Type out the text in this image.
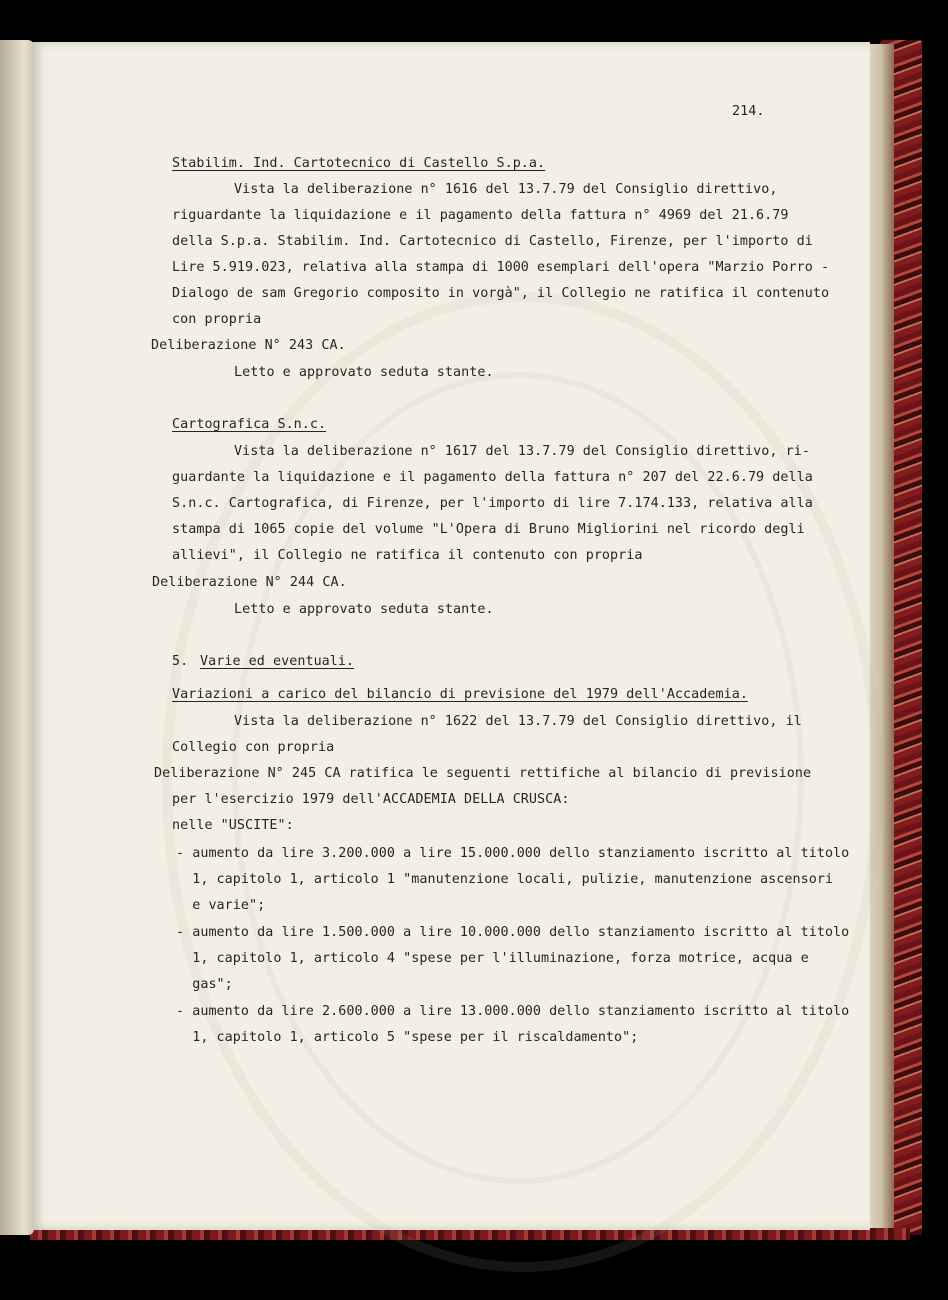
214.
Stabilim. Ind. Cartotecnico di Castello S.p.a.
Vista la deliberazione n° 1616 del 13.7.79 del Consiglio direttivo,
riguardante la liquidazione e il pagamento della fattura n° 4969 del 21.6.79
della S.p.a. Stabilim. Ind. Cartotecnico di Castello, Firenze, per l'importo di
Lire 5.919.023, relativa alla stampa di 1000 esemplari dell'opera "Marzio Porro -
Dialogo de sam Gregorio composito in vorgà", il Collegio ne ratifica il contenuto
con propria
Deliberazione N° 243 CA.
Letto e approvato seduta stante.
Cartografica S.n.c.
Vista la deliberazione n° 1617 del 13.7.79 del Consiglio direttivo, ri-
guardante la liquidazione e il pagamento della fattura n° 207 del 22.6.79 della
S.n.c. Cartografica, di Firenze, per l'importo di lire 7.174.133, relativa alla
stampa di 1065 copie del volume "L'Opera di Bruno Migliorini nel ricordo degli
allievi", il Collegio ne ratifica il contenuto con propria
Deliberazione N° 244 CA.
Letto e approvato seduta stante.
5. Varie ed eventuali.
Variazioni a carico del bilancio di previsione del 1979 dell'Accademia.
Vista la deliberazione n° 1622 del 13.7.79 del Consiglio direttivo, il
Collegio con propria
Deliberazione N° 245 CA ratifica le seguenti rettifiche al bilancio di previsione
per l'esercizio 1979 dell'ACCADEMIA DELLA CRUSCA:
nelle "USCITE":
- aumento da lire 3.200.000 a lire 15.000.000 dello stanziamento iscritto al titolo
1, capitolo 1, articolo 1 "manutenzione locali, pulizie, manutenzione ascensori
e varie";
- aumento da lire 1.500.000 a lire 10.000.000 dello stanziamento iscritto al titolo
1, capitolo 1, articolo 4 "spese per l'illuminazione, forza motrice, acqua e
gas";
- aumento da lire 2.600.000 a lire 13.000.000 dello stanziamento iscritto al titolo
1, capitolo 1, articolo 5 "spese per il riscaldamento";
